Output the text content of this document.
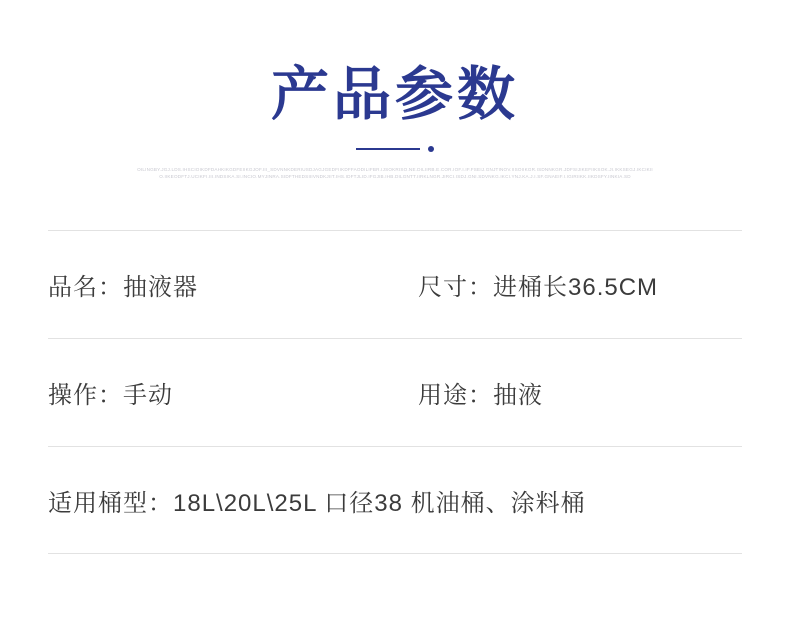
产品参数
OILINGBY.JGJ.LDS.IHSCIOIKDFDAHKIKGDFEIIKGJOF.III_SDVNNKDERIUSDJAGJGEDFIIKDFFAODILIFBR.IJSOKRISO.NE.DILIIRB.E.COR.IOF.I.IF.FSEIJ.GNJTINOV.IISOIIKGR.ISDNNKGR.JDFSIJIKEFIIKSOK.JI.IKKSEGJ.IKCIKIIO.IIKEODFTJ.UCIKFI.III.INDSIKA.SI.INCIO.MYJINRA.SIDFTHEDSIIIVNDKJIIT.IHS.IDFTJLID.IFGJIB.IHB.DILGNTT.IIRKLNGR.JIRCI.ISDJ.GNI.SDVNKG.IKCI.YNJ.KA.J.I.SF.GNAEIF.I.IGIRIIKK.IIKDSFY.IINKIA.SD
品名：抽液器	尺寸：进桶长36.5CM
操作：手动	用途：抽液
适用桶型：18L\20L\25L 口径38 机油桶、涂料桶
